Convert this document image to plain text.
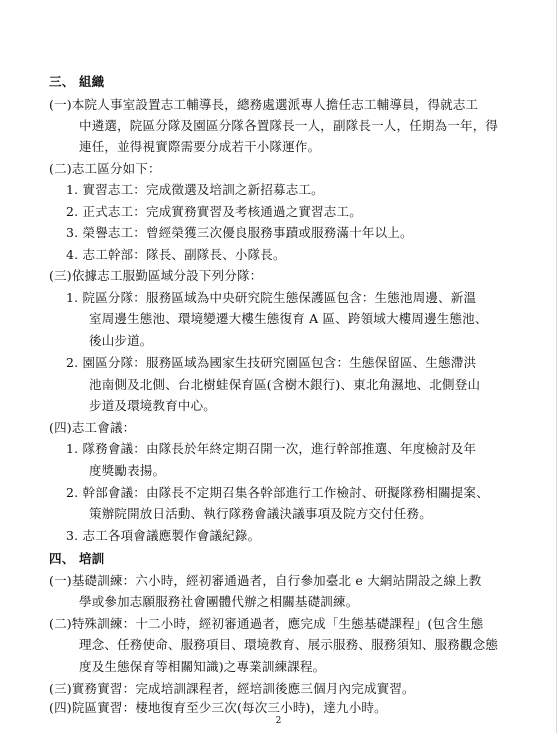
三、 組織
(一)本院人事室設置志工輔導長，總務處選派專人擔任志工輔導員，得就志工
中遴選，院區分隊及園區分隊各置隊長一人，副隊長一人，任期為一年，得
連任，並得視實際需要分成若干小隊運作。
(二)志工區分如下：
1. 實習志工：完成徵選及培訓之新招募志工。
2. 正式志工：完成實務實習及考核通過之實習志工。
3. 榮譽志工：曾經榮獲三次優良服務事蹟或服務滿十年以上。
4. 志工幹部：隊長、副隊長、小隊長。
(三)依據志工服勤區域分設下列分隊：
1. 院區分隊：服務區域為中央研究院生態保護區包含：生態池周邊、新溫
室周邊生態池、環境變遷大樓生態復育 A 區、跨領域大樓周邊生態池、
後山步道。
2. 園區分隊：服務區域為國家生技研究園區包含：生態保留區、生態滯洪
池南側及北側、台北樹蛙保育區(含樹木銀行)、東北角濕地、北側登山
步道及環境教育中心。
(四)志工會議：
1. 隊務會議：由隊長於年終定期召開一次，進行幹部推選、年度檢討及年
度獎勵表揚。
2. 幹部會議：由隊長不定期召集各幹部進行工作檢討、研擬隊務相關提案、
策辦院開放日活動、執行隊務會議決議事項及院方交付任務。
3. 志工各項會議應製作會議紀錄。
四、 培訓
(一)基礎訓練：六小時，經初審通過者，自行參加臺北 e 大網站開設之線上教
學或參加志願服務社會團體代辦之相關基礎訓練。
(二)特殊訓練：十二小時，經初審通過者，應完成「生態基礎課程」(包含生態
理念、任務使命、服務項目、環境教育、展示服務、服務須知、服務觀念態
度及生態保育等相關知識)之專業訓練課程。
(三)實務實習：完成培訓課程者，經培訓後應三個月內完成實習。
(四)院區實習：棲地復育至少三次(每次三小時)，達九小時。
2
